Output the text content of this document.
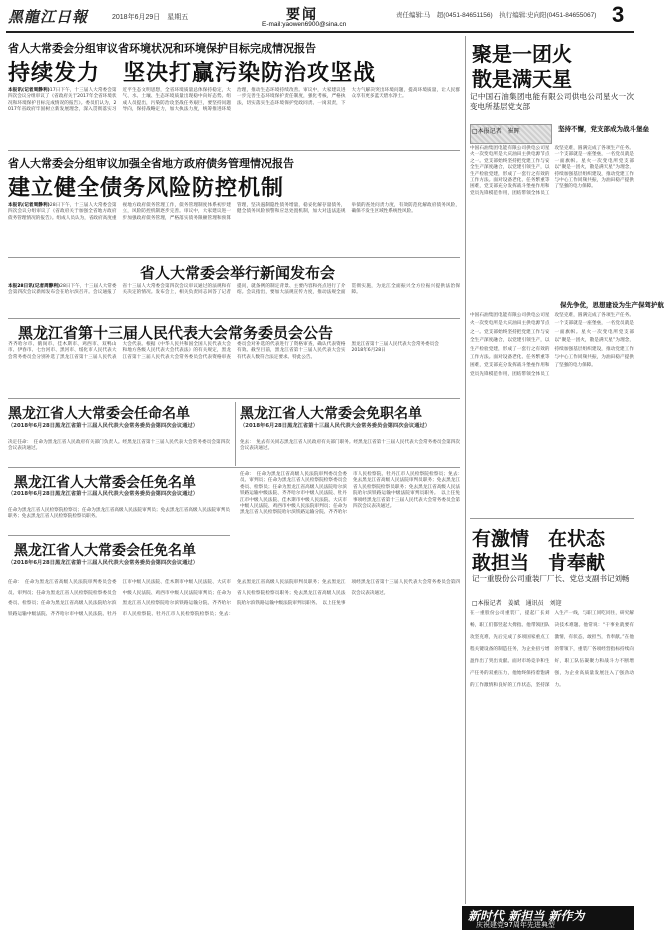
黑龍江日報	2018年6月29日　星期五	要闻
E-mail:yaowen6900@sina.cn
责任编辑:马　超(0451-84651156)　执行编辑:史向阳(0451-84655067) 3
省人大常委会分组审议省环境状况和环境保护目标完成情况报告
持续发力　坚决打赢污染防治攻坚战
本报讯(记者周静利)17日下午，十三届人大常委会第四次会议分组审议了《省政府关于2017年全省环境状况和环境保护目标完成情况的报告》。委员们认为，2017年省政府牢固树立新发展理念，深入贯彻落实习近平生态文明思想，全省环境质量总体保持稳定，大气、水、土壤、生态环境质量出现稳中向好态势。组成人员提出，污染防治攻坚战任务艰巨，要坚持问题导向，保持战略定力，加大执法力度，统筹推进环境治理，推动生态环境持续改善。审议中，大家建议进一步完善生态环境保护责任制度，强化考核，严格执法，切实落实生态环境保护党政同责、一岗双责，下大力气解决突出环境问题，提高环境质量，让人民群众享有更多蓝天碧水净土。
省人大常委会分组审议加强全省地方政府债务管理情况报告
建立健全债务风险防控机制
本报讯(记者周静利)28日下午，十三届人大常委会第四次会议分组审议了《省政府关于加强全省地方政府债务管理情况的报告》。组成人员认为，省政府高度重视地方政府债务管理工作，债务管理制度体系初步建立，风险防控机制逐步完善。审议中，大家建议进一步加强政府债务管理，严格落实债务限额管理和预算管理，坚决遏制隐性债务增量，稳妥化解存量债务，健全债务风险预警和应急处置机制，加大对违法违规举债的查处问责力度，有效防范化解政府债务风险，确保不发生区域性系统性风险。
省人大常委会举行新闻发布会
本报28日讯(记者周静利)28日下午，十三届人大常委会第四次会议新闻发布会在哈尔滨召开。会议通报了省十三届人大常委会第四次会议审议通过的法规和有关决定的情况。发布会上，相关负责同志回答了记者提问，就条例的制定背景、主要内容和亮点进行了介绍。会议指出，要加大法规宣传力度，推动法规全面贯彻实施，为龙江全面振兴全方位振兴提供法治保障。
黑龙江省第十三届人民代表大会常务委员会公告
齐齐哈尔市、鹤岗市、佳木斯市、鸡西市、双鸭山市、伊春市、七台河市、黑河市、绥化市人民代表大会常务委员会分别补选了黑龙江省第十三届人民代表大会代表。根据《中华人民共和国全国人民代表大会和地方各级人民代表大会代表法》的有关规定，黑龙江省第十三届人民代表大会常务委员会代表资格审查委员会对补选的代表进行了资格审查，确认代表资格有效。截至目前，黑龙江省第十三届人民代表大会实有代表人数符合法定要求。特此公告。
黑龙江省第十三届人民代表大会常务委员会
2018年6月28日
黑龙江省人大常委会任命名单
（2018年6月28日黑龙江省第十三届人民代表大会常务委员会第四次会议通过）
决定任命：　任命为黑龙江省人民政府有关部门负责人。经黑龙江省第十三届人民代表大会常务委员会第四次会议表决通过。
黑龙江省人大常委会免职名单
（2018年6月28日黑龙江省第十三届人民代表大会常务委员会第四次会议通过）
免去：　免去有关同志黑龙江省人民政府有关部门职务。经黑龙江省第十三届人民代表大会常务委员会第四次会议表决通过。
黑龙江省人大常委会任免名单
（2018年6月28日黑龙江省第十三届人民代表大会常务委员会第四次会议通过）
任命为黑龙江省人民检察院检察员；任命为黑龙江省高级人民法院审判员；免去黑龙江省高级人民法院审判员职务；免去黑龙江省人民检察院检察员职务。
任命：　任命为黑龙江省高级人民法院审判委员会委员、审判员；任命为黑龙江省人民检察院检察委员会委员、检察员；任命为黑龙江省高级人民法院哈尔滨铁路运输中级法院、齐齐哈尔市中级人民法院、牡丹江市中级人民法院、佳木斯市中级人民法院、大庆市中级人民法院、鸡西市中级人民法院审判员；任命为黑龙江省人民检察院哈尔滨铁路运输分院、齐齐哈尔市人民检察院、牡丹江市人民检察院检察员；免去：　免去黑龙江省高级人民法院审判员职务；免去黑龙江省人民检察院检察员职务；免去黑龙江省高级人民法院哈尔滨铁路运输中级法院审判员职务。　以上任免事项经黑龙江省第十三届人民代表大会常务委员会第四次会议表决通过。
黑龙江省人大常委会任免名单
（2018年6月28日黑龙江省第十三届人民代表大会常务委员会第四次会议通过）
任命：　任命为黑龙江省高级人民法院审判委员会委员、审判员；任命为黑龙江省人民检察院检察委员会委员、检察员；任命为黑龙江省高级人民法院哈尔滨铁路运输中级法院、齐齐哈尔市中级人民法院、牡丹江市中级人民法院、佳木斯市中级人民法院、大庆市中级人民法院、鸡西市中级人民法院审判员；任命为黑龙江省人民检察院哈尔滨铁路运输分院、齐齐哈尔市人民检察院、牡丹江市人民检察院检察员；免去：　免去黑龙江省高级人民法院审判员职务；免去黑龙江省人民检察院检察员职务；免去黑龙江省高级人民法院哈尔滨铁路运输中级法院审判员职务。　以上任免事项经黑龙江省第十三届人民代表大会常务委员会第四次会议表决通过。
聚是一团火
散是满天星
记中国石油集团电能有限公司供电公司星火一次变电所基层党支部
□本报记者　崔晖	坚持不懈，党支部成为战斗堡垒
中国石油集团电能有限公司供电公司星火一次变电所是大庆油田主供电源节点之一。党支部始终坚持把党建工作与安全生产深度融合，以党建引领生产，以生产检验党建，形成了一套行之有效的工作方法。面对设备老化、任务繁重等困难，党支部充分发挥战斗堡垒作用和党员先锋模范作用，团结带领全体员工攻坚克难，圆满完成了各项生产任务。一个支部就是一座堡垒，一名党员就是一面旗帜。星火一次变电所党支部以“聚是一团火，散是满天星”为理念，持续加强基层组织建设，推动党建工作与中心工作同频共振，为油田稳产提供了坚强的电力保障。
保先争优，思想建设为生产保驾护航
中国石油集团电能有限公司供电公司星火一次变电所是大庆油田主供电源节点之一。党支部始终坚持把党建工作与安全生产深度融合，以党建引领生产，以生产检验党建，形成了一套行之有效的工作方法。面对设备老化、任务繁重等困难，党支部充分发挥战斗堡垒作用和党员先锋模范作用，团结带领全体员工攻坚克难，圆满完成了各项生产任务。一个支部就是一座堡垒，一名党员就是一面旗帜。星火一次变电所党支部以“聚是一团火，散是满天星”为理念，持续加强基层组织建设，推动党建工作与中心工作同频共振，为油田稳产提供了坚强的电力保障。
有激情　在状态
敢担当　肯奉献
记一重股份公司重装厂厂长、党总支副书记刘畅
□本报记者　姜斌　通讯员　刘迎
在一重股份公司重装厂，提起厂长刘畅，职工们都竖起大拇指。他带领团队攻坚克难，先后完成了多项国家重点工程关键设备的制造任务，为企业扭亏增盈作出了突出贡献。面对市场竞争和生产任务的双重压力，他始终保持着饱满的工作激情和良好的工作状态，坚持深入生产一线，与职工同吃同住，研究解决技术难题。他常说：“干事业就要有激情，有状态，敢担当，肯奉献。”在他的带领下，重装厂各项经营指标持续向好，职工队伍凝聚力和战斗力不断增强，为企业高质量发展注入了强劲动力。
新时代 新担当 新作为
庆祝建党97周年先进典型
